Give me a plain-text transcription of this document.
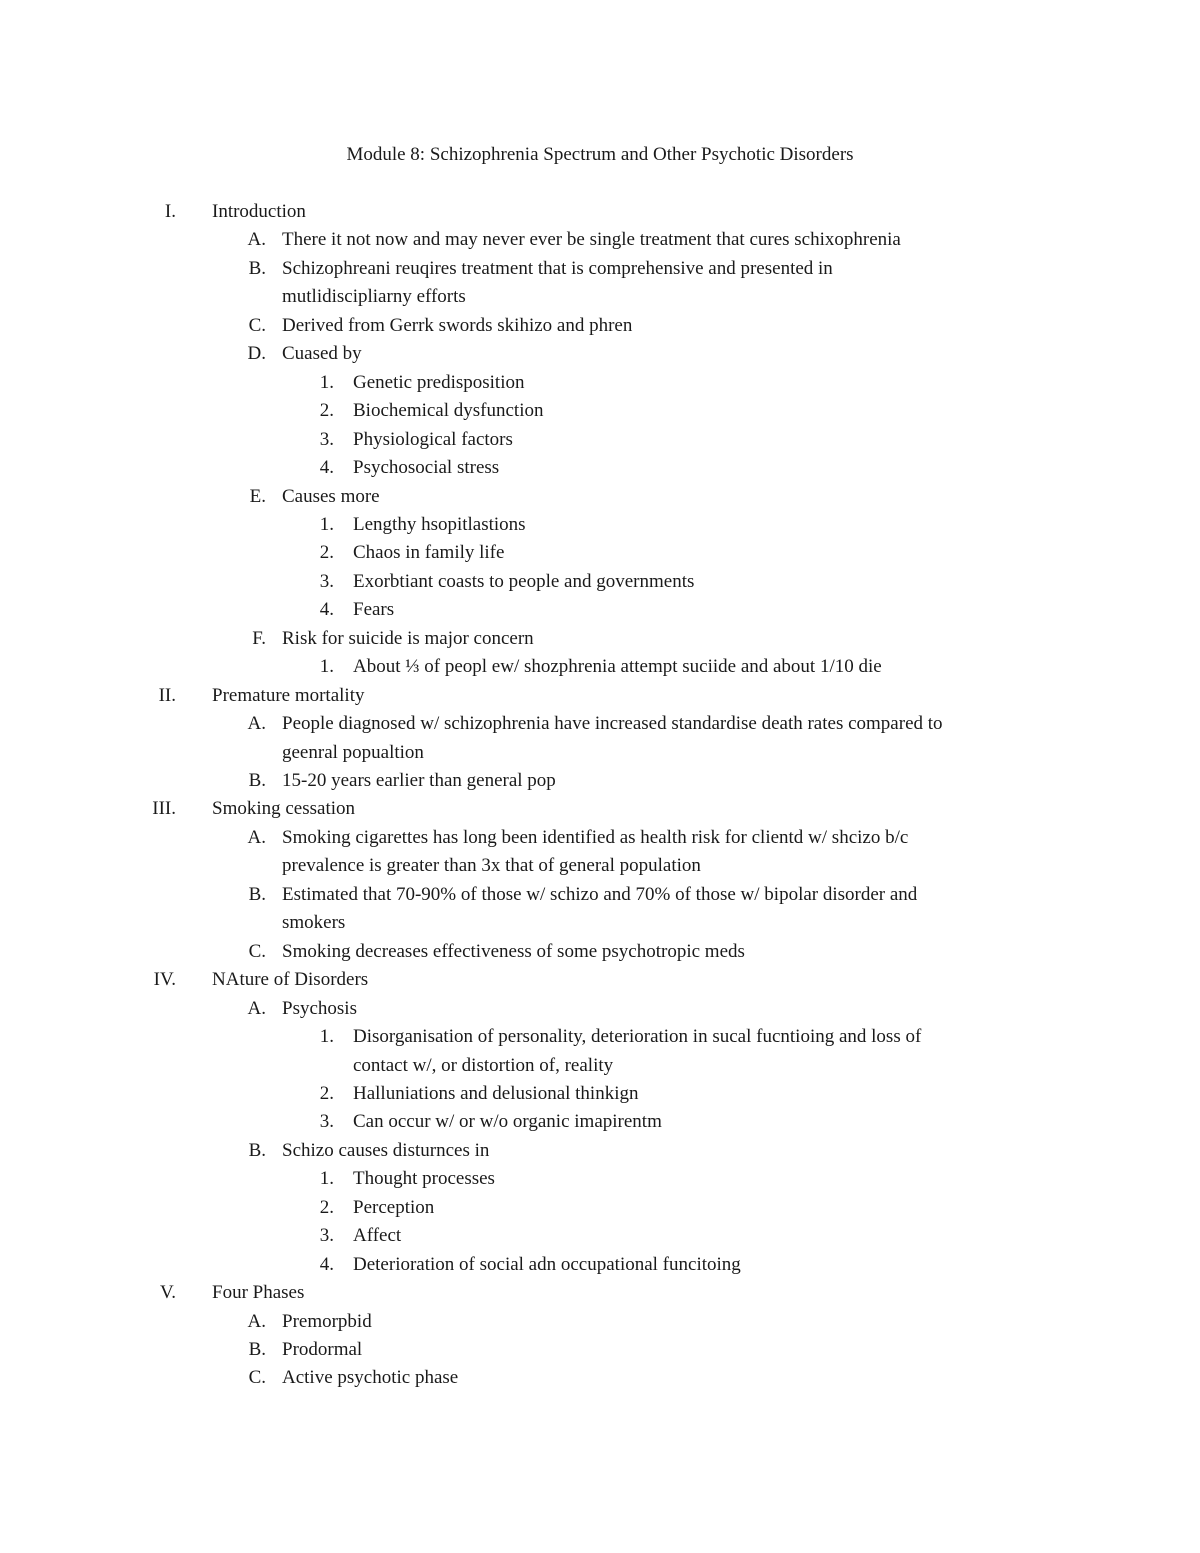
Module 8: Schizophrenia Spectrum and Other Psychotic Disorders
I. Introduction
A. There it not now and may never ever be single treatment that cures schixophrenia
B. Schizophreani reuqires treatment that is comprehensive and presented in
mutlidiscipliarny efforts
C. Derived from Gerrk swords skihizo and phren
D. Cuased by
1. Genetic predisposition
2. Biochemical dysfunction
3. Physiological factors
4. Psychosocial stress
E. Causes more
1. Lengthy hsopitlastions
2. Chaos in family life
3. Exorbtiant coasts to people and governments
4. Fears
F. Risk for suicide is major concern
1. About ⅓ of peopl ew/ shozphrenia attempt suciide and about 1/10 die
II. Premature mortality
A. People diagnosed w/ schizophrenia have increased standardise death rates compared to
geenral popualtion
B. 15-20 years earlier than general pop
III. Smoking cessation
A. Smoking cigarettes has long been identified as health risk for clientd w/ shcizo b/c
prevalence is greater than 3x that of general population
B. Estimated that 70-90% of those w/ schizo and 70% of those w/ bipolar disorder and
smokers
C. Smoking decreases effectiveness of some psychotropic meds
IV. NAture of Disorders
A. Psychosis
1. Disorganisation of personality, deterioration in sucal fucntioing and loss of
contact w/, or distortion of, reality
2. Halluniations and delusional thinkign
3. Can occur w/ or w/o organic imapirentm
B. Schizo causes disturnces in
1. Thought processes
2. Perception
3. Affect
4. Deterioration of social adn occupational funcitoing
V. Four Phases
A. Premorpbid
B. Prodormal
C. Active psychotic phase
